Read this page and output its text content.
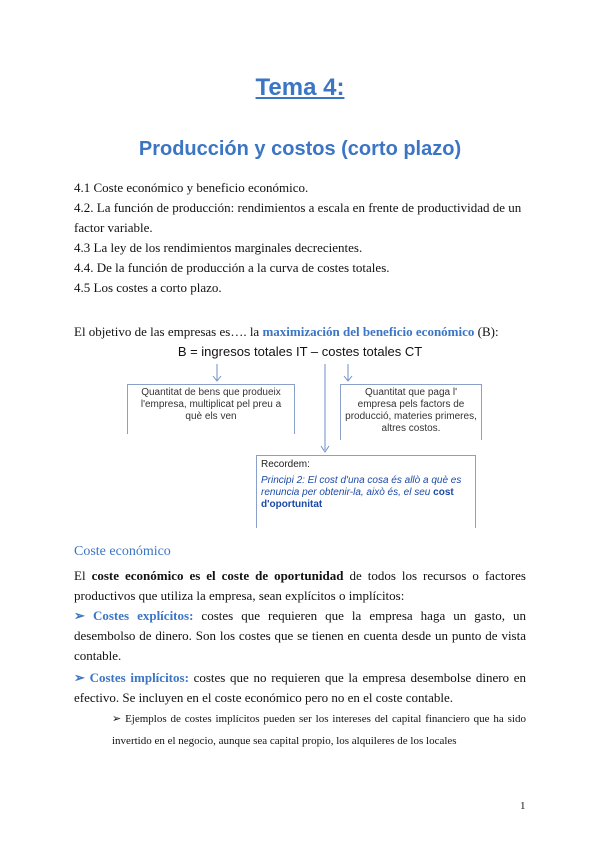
Tema 4:
Producción y costos (corto plazo)
4.1 Coste económico y beneficio económico.
4.2. La función de producción: rendimientos a escala en frente de productividad de un factor variable.
4.3 La ley de los rendimientos marginales decrecientes.
4.4. De la función de producción a la curva de costes totales.
4.5 Los costes a corto plazo.
El objetivo de las empresas es…. la maximización del beneficio económico (B):
B = ingresos totales IT – costes totales CT
Quantitat de bens que produeix l'empresa, multiplicat pel preu a què els ven
Quantitat que paga l' empresa pels factors de producció, materies primeres, altres costos.
Recordem:
Principi 2: El cost d'una cosa és allò a què es renuncia per obtenir-la, això és, el seu cost d'oportunitat
Coste económico
El coste económico es el coste de oportunidad de todos los recursos o factores productivos que utiliza la empresa, sean explícitos o implícitos:
➢ Costes explícitos: costes que requieren que la empresa haga un gasto, un desembolso de dinero. Son los costes que se tienen en cuenta desde un punto de vista contable.
➢ Costes implícitos: costes que no requieren que la empresa desembolse dinero en efectivo. Se incluyen en el coste económico pero no en el coste contable.
➢ Ejemplos de costes implícitos pueden ser los intereses del capital financiero que ha sido invertido en el negocio, aunque sea capital propio, los alquileres de los locales
1
